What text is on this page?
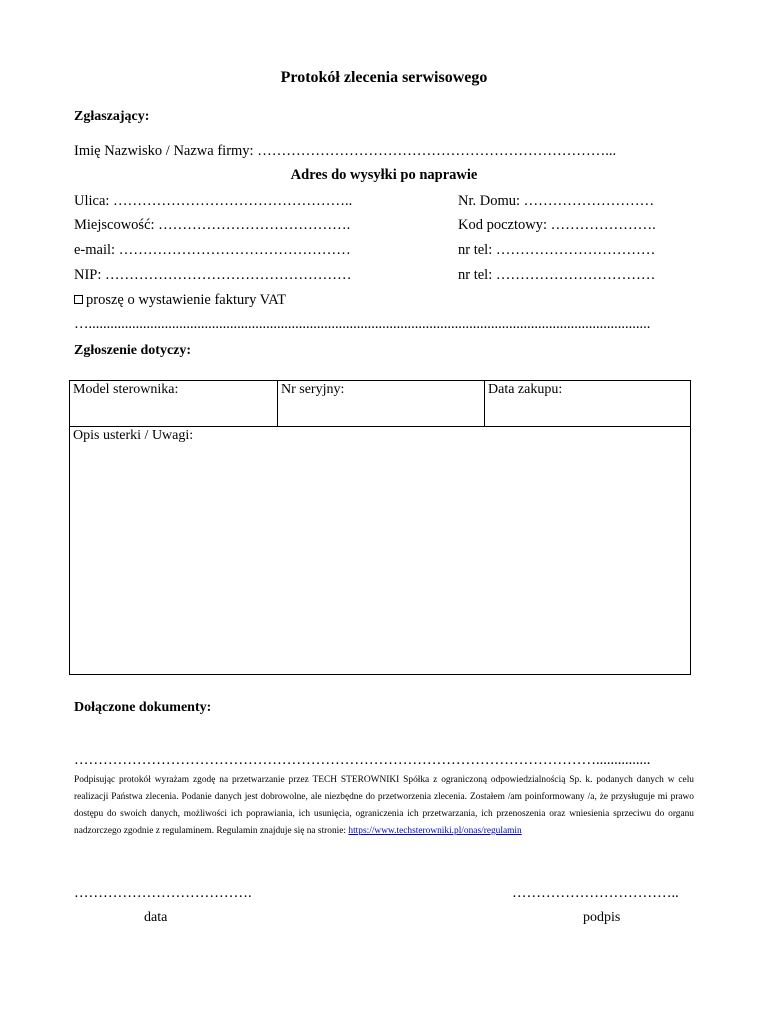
Protokół zlecenia serwisowego
Zgłaszający:
Imię Nazwisko / Nazwa firmy: ………………………………………………………………...
Adres do wysyłki po naprawie
Ulica: …………………………………………..	Nr. Domu: ………………………
Miejscowość: ………………………………….	Kod pocztowy: ………………….
e-mail: …………………………………………	nr tel: ……………………………
NIP: ……………………………………………	nr tel: ……………………………
proszę o wystawienie faktury VAT
…...........................................................................................................................................................
Zgłoszenie dotyczy:
Model sterownika:	Nr seryjny:	Data zakupu:
Opis usterki / Uwagi:
Dołączone dokumenty:
………………………………………………………………………………………………...............
Podpisując protokół wyrażam zgodę na przetwarzanie przez TECH STEROWNIKI Spółka z ograniczoną odpowiedzialnością Sp. k. podanych danych w celu realizacji Państwa zlecenia. Podanie danych jest dobrowolne, ale niezbędne do przetworzenia zlecenia. Zostałem /am poinformowany /a, że przysługuje mi prawo dostępu do swoich danych, możliwości ich poprawiania, ich usunięcia, ograniczenia ich przetwarzania, ich przenoszenia oraz wniesienia sprzeciwu do organu nadzorczego zgodnie z regulaminem. Regulamin znajduje się na stronie: https://www.techsterowniki.pl/onas/regulamin
……………………………….	……………………………..
data	podpis
